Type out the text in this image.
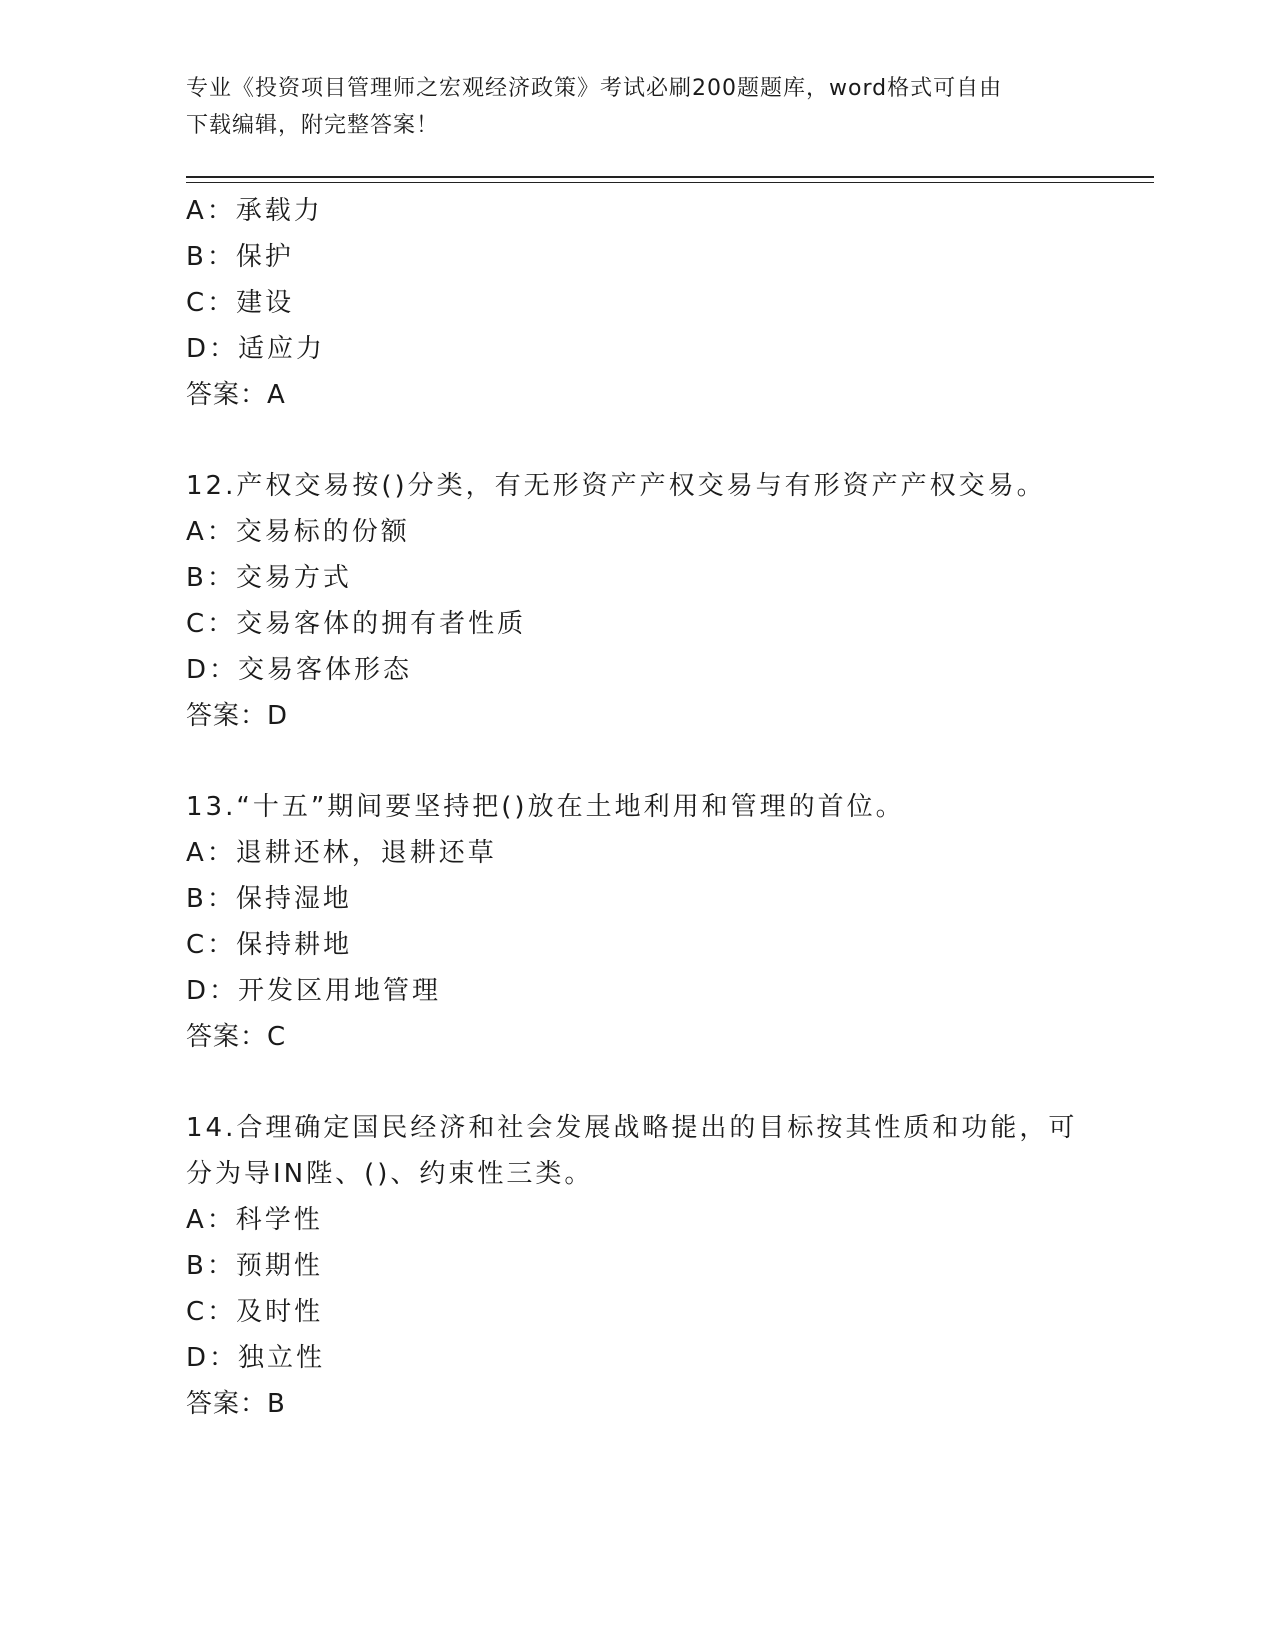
专业《投资项目管理师之宏观经济政策》考试必刷200题题库，word格式可自由
下载编辑，附完整答案！
A：承载力
B：保护
C：建设
D：适应力
答案：A
12.产权交易按()分类，有无形资产产权交易与有形资产产权交易。
A：交易标的份额
B：交易方式
C：交易客体的拥有者性质
D：交易客体形态
答案：D
13.“十五”期间要坚持把()放在土地利用和管理的首位。
A：退耕还林，退耕还草
B：保持湿地
C：保持耕地
D：开发区用地管理
答案：C
14.合理确定国民经济和社会发展战略提出的目标按其性质和功能，可
分为导IN陛、()、约束性三类。
A：科学性
B：预期性
C：及时性
D：独立性
答案：B
